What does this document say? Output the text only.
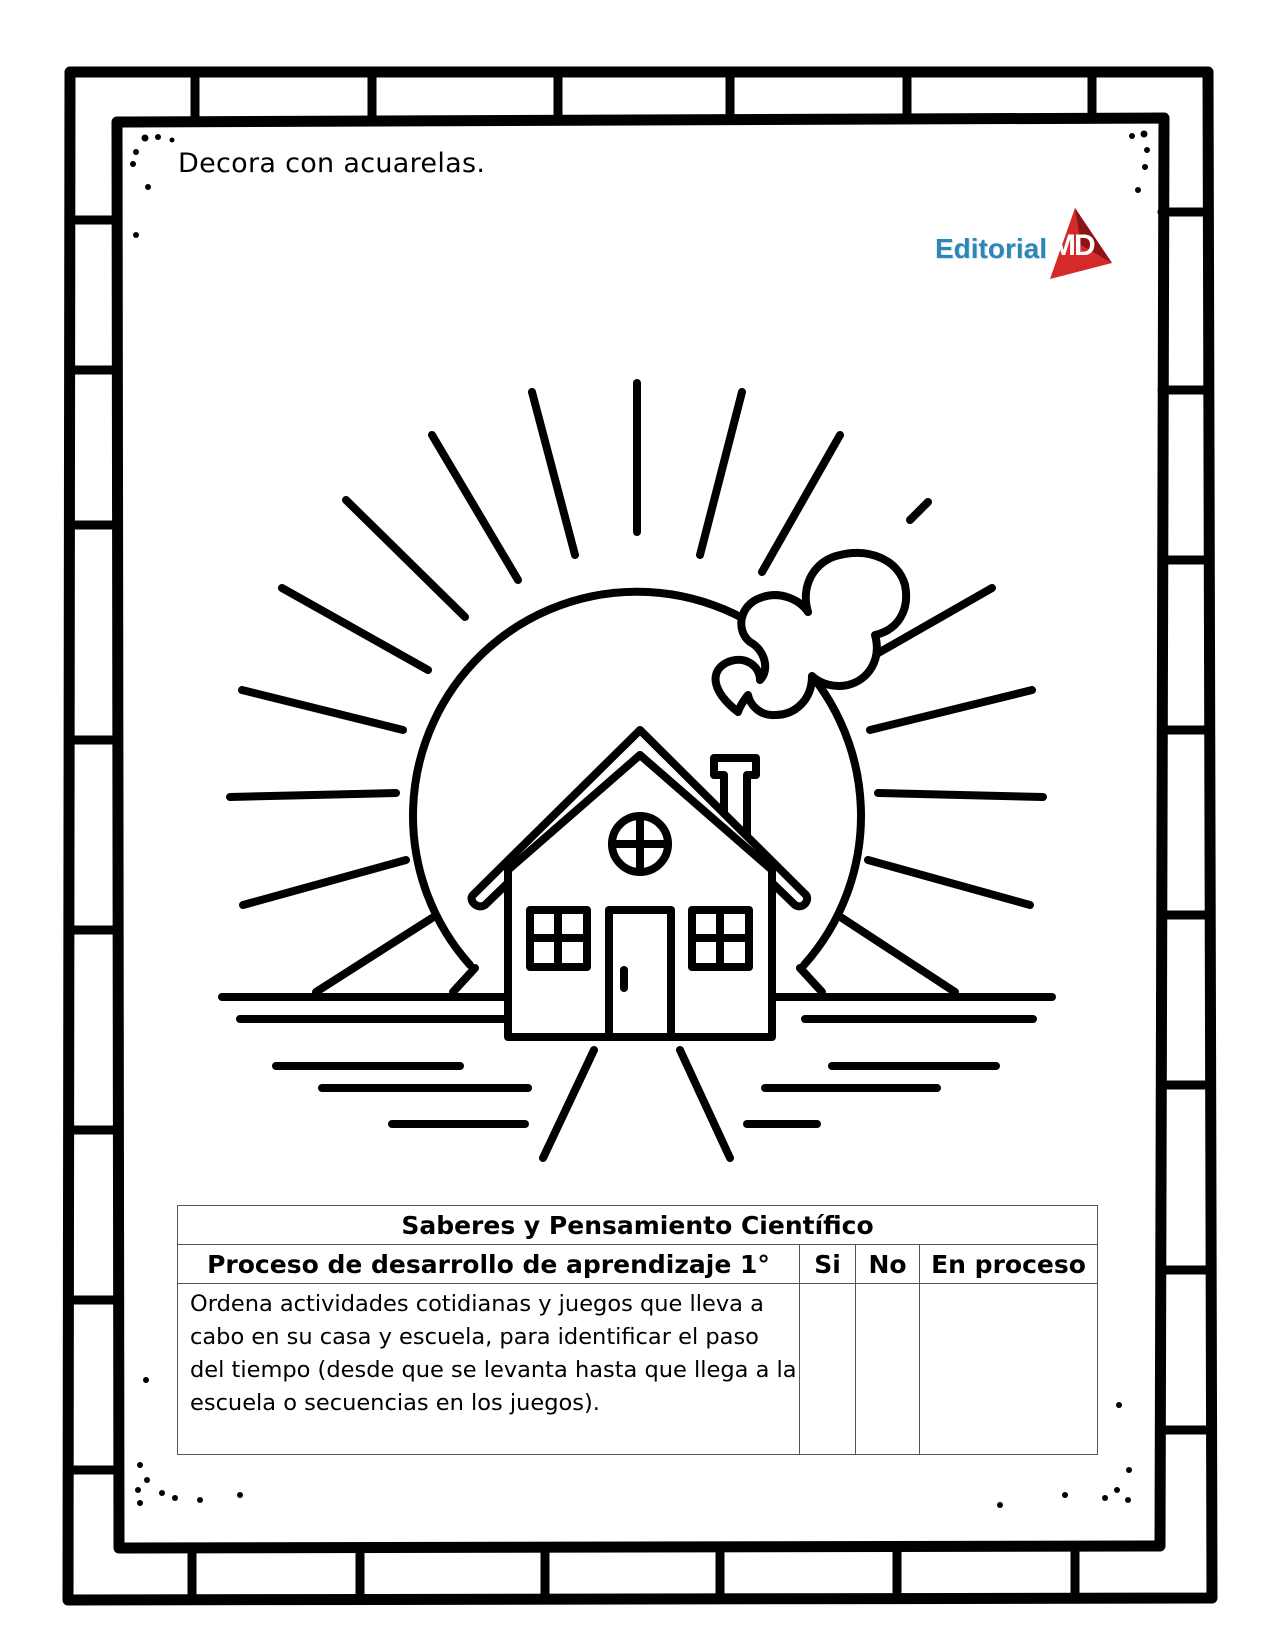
Decora con acuarelas.
Editorial MD
Saberes y Pensamiento Científico			
Proceso de desarrollo de aprendizaje 1°	Si	No	En proceso
Ordena actividades cotidianas y juegos que lleva a cabo en su casa y escuela, para identificar el paso del tiempo (desde que se levanta hasta que llega a la escuela o secuencias en los juegos).			
